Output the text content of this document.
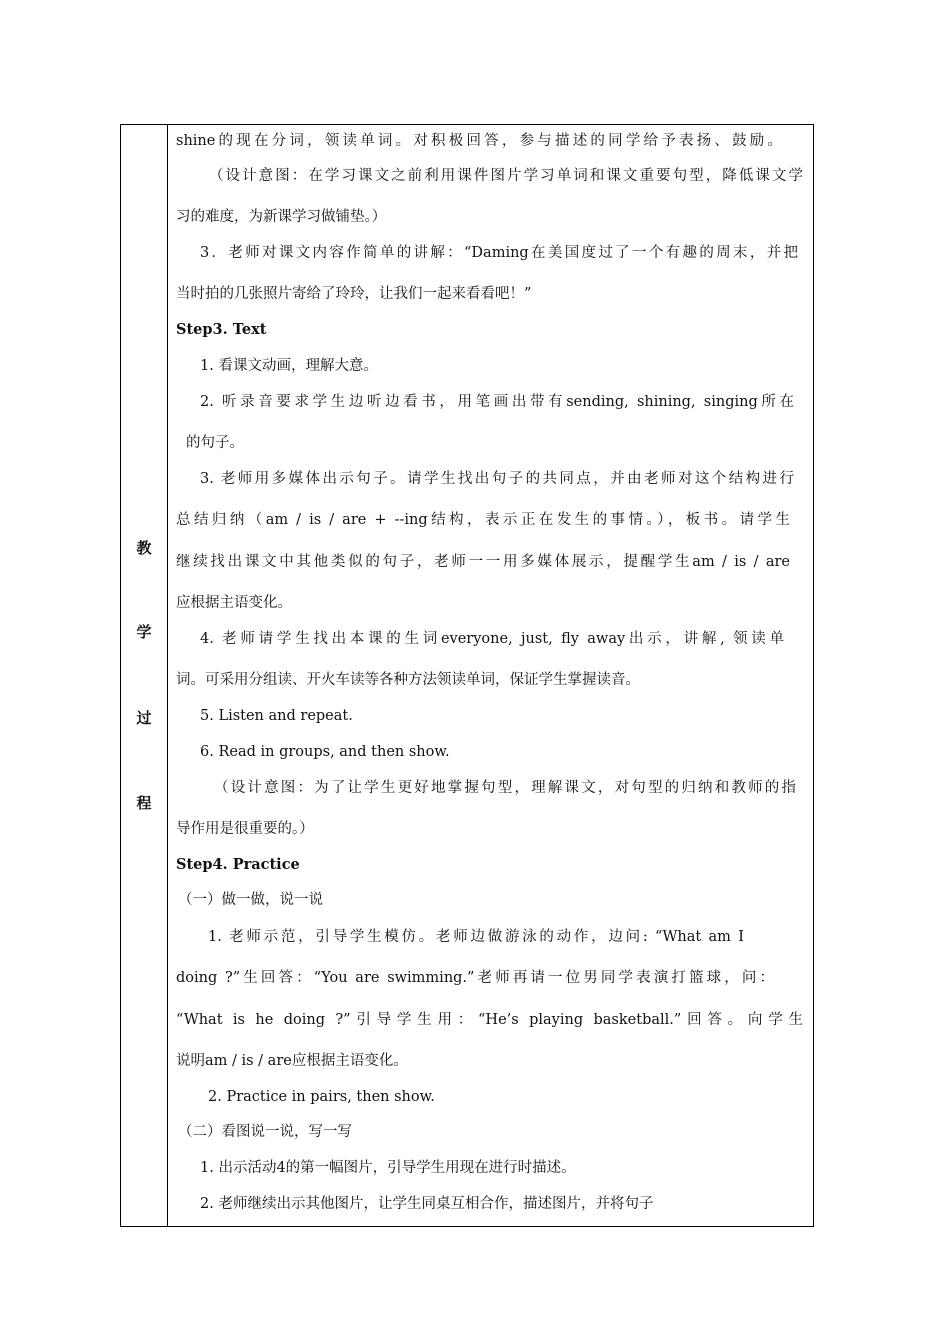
教
学
过
程
shine的现在分词，领读单词。对积极回答，参与描述的同学给予表扬、鼓励。
（设计意图：在学习课文之前利用课件图片学习单词和课文重要句型，降低课文学
习的难度，为新课学习做铺垫。）
3．老师对课文内容作简单的讲解：“Daming在美国度过了一个有趣的周末，并把
当时拍的几张照片寄给了玲玲，让我们一起来看看吧！”
Step3. Text
1. 看课文动画，理解大意。
2. 听录音要求学生边听边看书，用笔画出带有sending, shining, singing所在
的句子。
3. 老师用多媒体出示句子。请学生找出句子的共同点，并由老师对这个结构进行
总结归纳（am / is / are + --ing结构，表示正在发生的事情。），板书。请学生
继续找出课文中其他类似的句子，老师一一用多媒体展示，提醒学生am / is / are
应根据主语变化。
4. 老师请学生找出本课的生词everyone, just, fly away出示，讲解, 领读单
词。可采用分组读、开火车读等各种方法领读单词，保证学生掌握读音。
5. Listen and repeat.
6. Read in groups, and then show.
（设计意图：为了让学生更好地掌握句型，理解课文，对句型的归纳和教师的指
导作用是很重要的。）
Step4. Practice
（一）做一做，说一说
1. 老师示范，引导学生模仿。老师边做游泳的动作，边问: “What am I
doing ?”生回答：“You are swimming.”老师再请一位男同学表演打篮球，问：
“What is he doing ?”引导学生用：“He’s playing basketball.”回答。向学生
说明am / is / are应根据主语变化。
2. Practice in pairs, then show.
（二）看图说一说，写一写
1. 出示活动4的第一幅图片，引导学生用现在进行时描述。
2. 老师继续出示其他图片，让学生同桌互相合作，描述图片，并将句子
